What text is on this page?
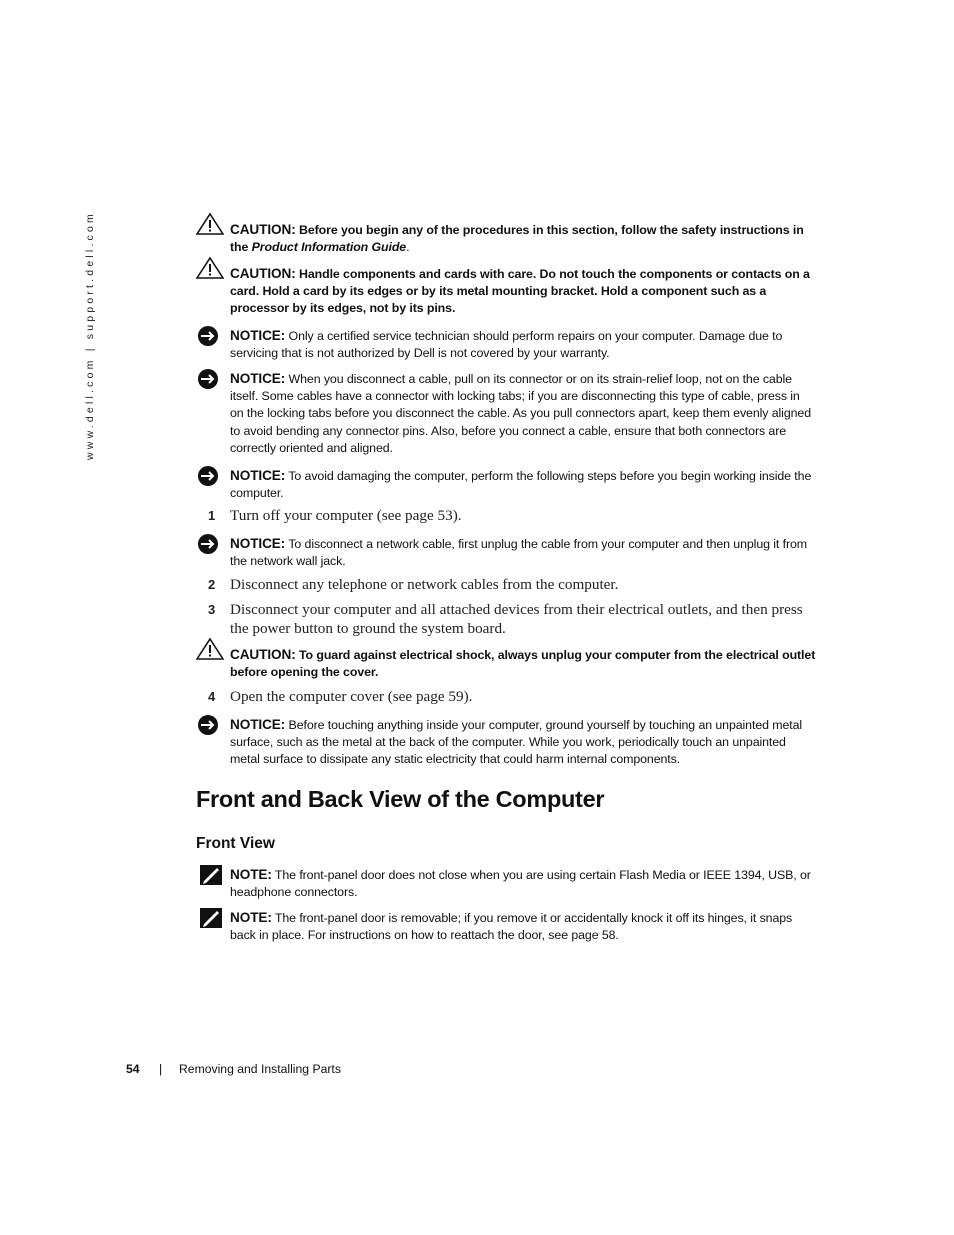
www.dell.com | support.dell.com	CAUTION: Before you begin any of the procedures in this section, follow the safety instructions in the Product Information Guide.
CAUTION: Handle components and cards with care. Do not touch the components or contacts on a card. Hold a card by its edges or by its metal mounting bracket. Hold a component such as a processor by its edges, not by its pins.
NOTICE: Only a certified service technician should perform repairs on your computer. Damage due to servicing that is not authorized by Dell is not covered by your warranty.
NOTICE: When you disconnect a cable, pull on its connector or on its strain-relief loop, not on the cable itself. Some cables have a connector with locking tabs; if you are disconnecting this type of cable, press in on the locking tabs before you disconnect the cable. As you pull connectors apart, keep them evenly aligned to avoid bending any connector pins. Also, before you connect a cable, ensure that both connectors are correctly oriented and aligned.
NOTICE: To avoid damaging the computer, perform the following steps before you begin working inside the computer.
1 Turn off your computer (see page 53).
NOTICE: To disconnect a network cable, first unplug the cable from your computer and then unplug it from the network wall jack.
2 Disconnect any telephone or network cables from the computer.
3 Disconnect your computer and all attached devices from their electrical outlets, and then press the power button to ground the system board.
CAUTION: To guard against electrical shock, always unplug your computer from the electrical outlet before opening the cover.
4 Open the computer cover (see page 59).
NOTICE: Before touching anything inside your computer, ground yourself by touching an unpainted metal surface, such as the metal at the back of the computer. While you work, periodically touch an unpainted metal surface to dissipate any static electricity that could harm internal components.
Front and Back View of the Computer
Front View
NOTE: The front-panel door does not close when you are using certain Flash Media or IEEE 1394, USB, or headphone connectors.
NOTE: The front-panel door is removable; if you remove it or accidentally knock it off its hinges, it snaps back in place. For instructions on how to reattach the door, see page 58.
54 | Removing and Installing Parts
